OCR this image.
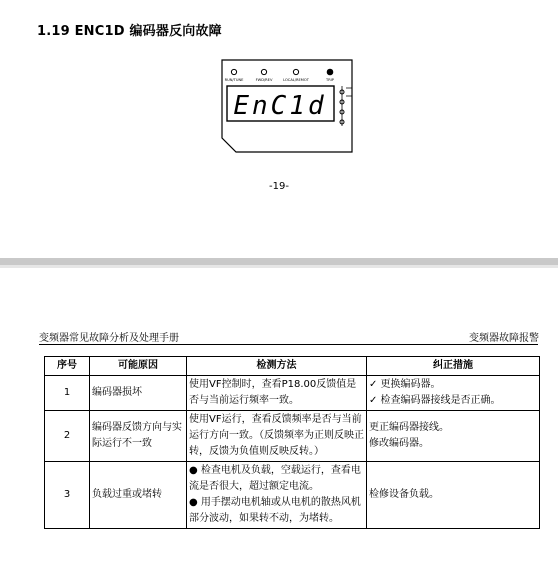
1.19 ENC1D 编码器反向故障
RUN/TUNE	FWD/REV	LOCAL/REMOT	TRIP
EnC1d
-19-
变频器常见故障分析及处理手册	变频器故障报警
序号	可能原因	检测方法	纠正措施
1	编码器损坏	使用VF控制时，查看P18.00反馈值是否与当前运行频率一致。	✓ 更换编码器。
✓ 检查编码器接线是否正确。

2	编码器反馈方向与实际运行不一致	使用VF运行，查看反馈频率是否与当前运行方向一致。（反馈频率为正则反映正转，反馈为负值则反映反转。）	更正编码器接线。
修改编码器。

3	负载过重或堵转	● 检查电机及负载，空载运行，查看电流是否很大，超过额定电流。
● 用手摆动电机轴或从电机的散热风机部分波动，如果转不动，为堵转。	检修设备负载。
